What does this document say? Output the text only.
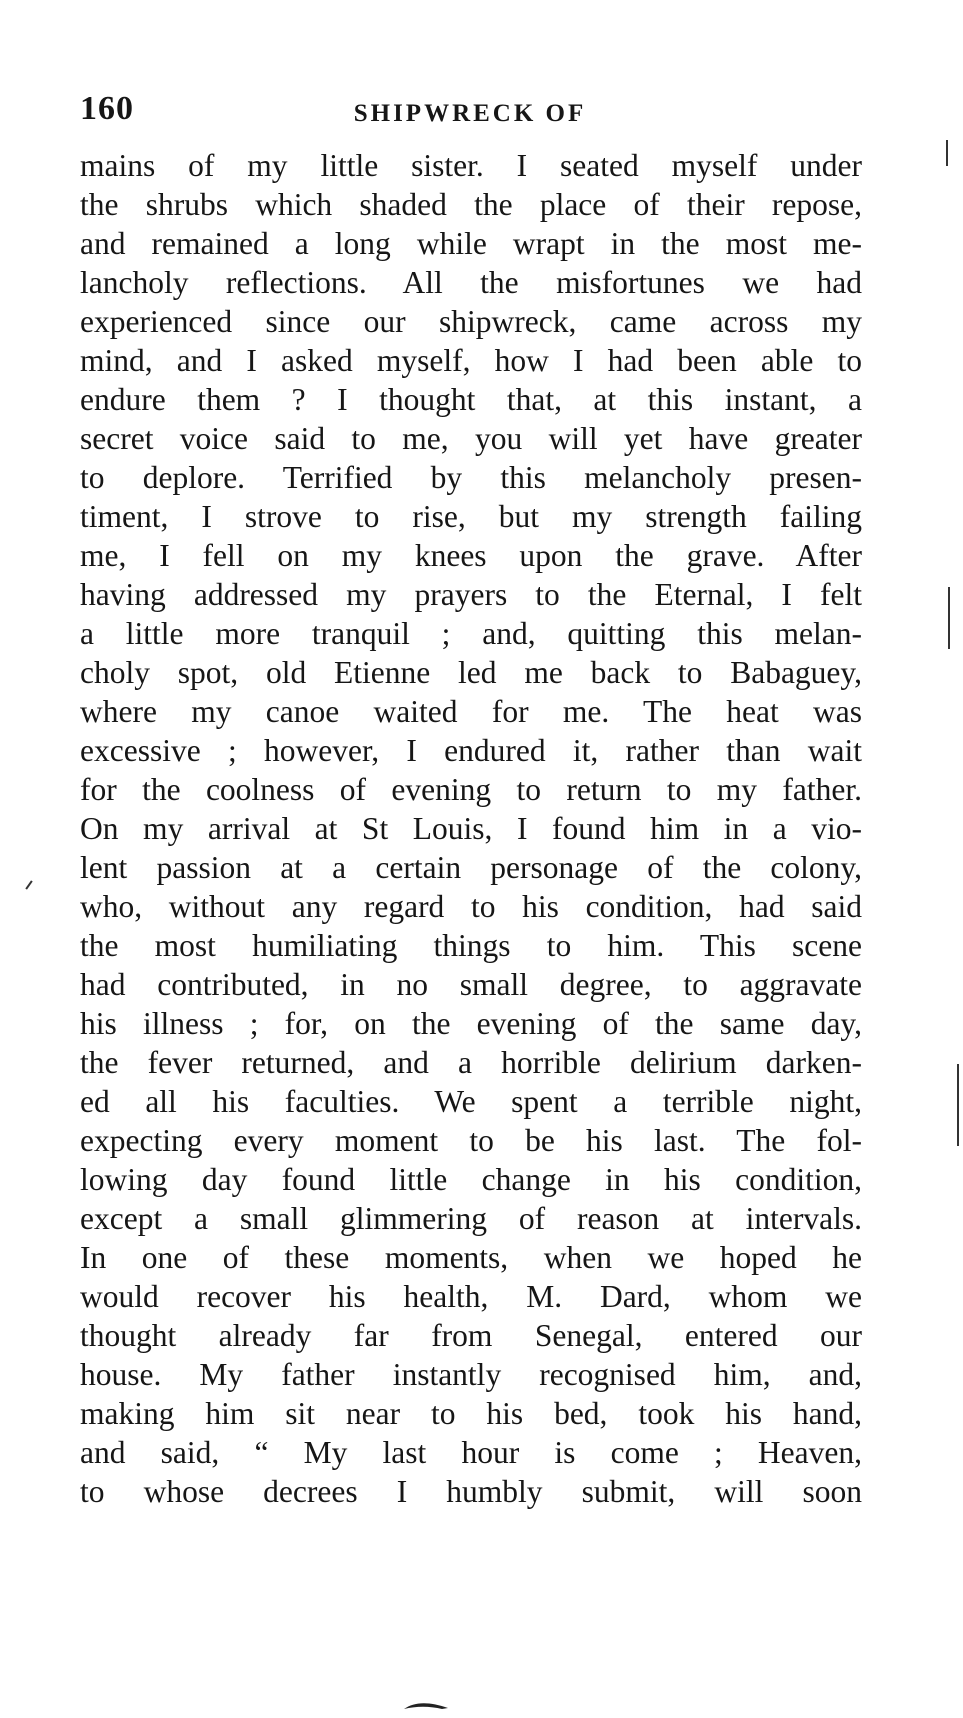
160	SHIPWRECK OF
mains of my little sister. I seated myself under
the shrubs which shaded the place of their repose,
and remained a long while wrapt in the most me-
lancholy reflections. All the misfortunes we had
experienced since our shipwreck, came across my
mind, and I asked myself, how I had been able to
endure them ? I thought that, at this instant, a
secret voice said to me, you will yet have greater
to deplore. Terrified by this melancholy presen-
timent, I strove to rise, but my strength failing
me, I fell on my knees upon the grave. After
having addressed my prayers to the Eternal, I felt
a little more tranquil ; and, quitting this melan-
choly spot, old Etienne led me back to Babaguey,
where my canoe waited for me. The heat was
excessive ; however, I endured it, rather than wait
for the coolness of evening to return to my father.
On my arrival at St Louis, I found him in a vio-
lent passion at a certain personage of the colony,
who, without any regard to his condition, had said
the most humiliating things to him. This scene
had contributed, in no small degree, to aggravate
his illness ; for, on the evening of the same day,
the fever returned, and a horrible delirium darken-
ed all his faculties. We spent a terrible night,
expecting every moment to be his last. The fol-
lowing day found little change in his condition,
except a small glimmering of reason at intervals.
In one of these moments, when we hoped he
would recover his health, M. Dard, whom we
thought already far from Senegal, entered our
house. My father instantly recognised him, and,
making him sit near to his bed, took his hand,
and said, “ My last hour is come ; Heaven,
to whose decrees I humbly submit, will soon
